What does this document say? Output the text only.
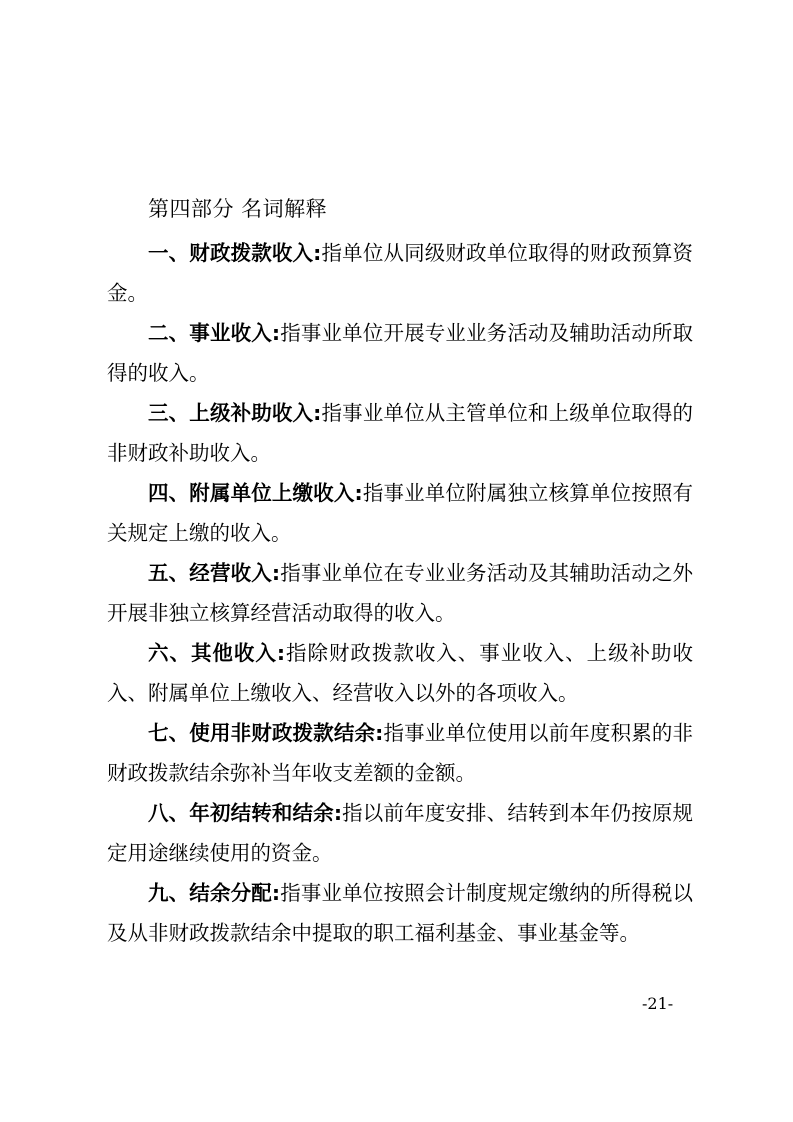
第四部分 名词解释

一、财政拨款收入:指单位从同级财政单位取得的财政预算资金。

二、事业收入:指事业单位开展专业业务活动及辅助活动所取得的收入。

三、上级补助收入:指事业单位从主管单位和上级单位取得的非财政补助收入。

四、附属单位上缴收入:指事业单位附属独立核算单位按照有关规定上缴的收入。

五、经营收入:指事业单位在专业业务活动及其辅助活动之外开展非独立核算经营活动取得的收入。

六、其他收入:指除财政拨款收入、事业收入、上级补助收入、附属单位上缴收入、经营收入以外的各项收入。

七、使用非财政拨款结余:指事业单位使用以前年度积累的非财政拨款结余弥补当年收支差额的金额。

八、年初结转和结余:指以前年度安排、结转到本年仍按原规定用途继续使用的资金。

九、结余分配:指事业单位按照会计制度规定缴纳的所得税以及从非财政拨款结余中提取的职工福利基金、事业基金等。

-21-
